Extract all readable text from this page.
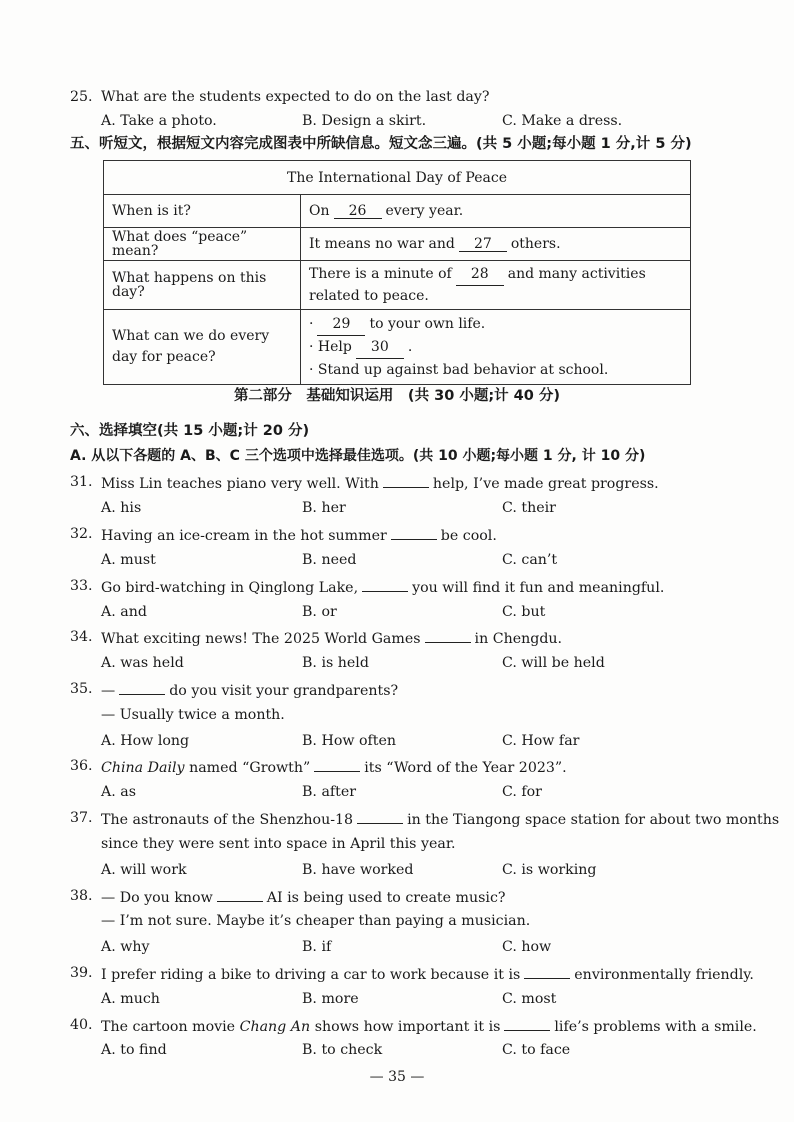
25. What are the students expected to do on the last day?
A. Take a photo.	B. Design a skirt.	C. Make a dress.
五、听短文，根据短文内容完成图表中所缺信息。短文念三遍。(共 5 小题;每小题 1 分,计 5 分)
The International Day of Peace	
When is it?	On 26 every year.
What does “peace” mean?	It means no war and 27 others.
What happens on this day?	There is a minute of 28 and many activities related to peace.
What can we do every day for peace?	· 29 to your own life.
· Help 30 .
· Stand up against bad behavior at school.
第二部分　基础知识运用　(共 30 小题;计 40 分)
六、选择填空(共 15 小题;计 20 分)
A. 从以下各题的 A、B、C 三个选项中选择最佳选项。(共 10 小题;每小题 1 分, 计 10 分)
31. Miss Lin teaches piano very well. With	help, I’ve made great progress.
A. his	B. her	C. their
32. Having an ice-cream in the hot summer	be cool.
A. must	B. need	C. can’t
33. Go bird-watching in Qinglong Lake,	you will find it fun and meaningful.
A. and	B. or	C. but
34. What exciting news! The 2025 World Games	in Chengdu.
A. was held	B. is held	C. will be held
35. —	do you visit your grandparents?
— Usually twice a month.
A. How long	B. How often	C. How far
36. China Daily named “Growth”	its “Word of the Year 2023”.
A. as	B. after	C. for
37. The astronauts of the Shenzhou-18	in the Tiangong space station for about two months
since they were sent into space in April this year.
A. will work	B. have worked	C. is working
38. — Do you know	AI is being used to create music?
— I’m not sure. Maybe it’s cheaper than paying a musician.
A. why	B. if	C. how
39. I prefer riding a bike to driving a car to work because it is	environmentally friendly.
A. much	B. more	C. most
40. The cartoon movie Chang An shows how important it is	life’s problems with a smile.
A. to find	B. to check	C. to face
— 35 —
